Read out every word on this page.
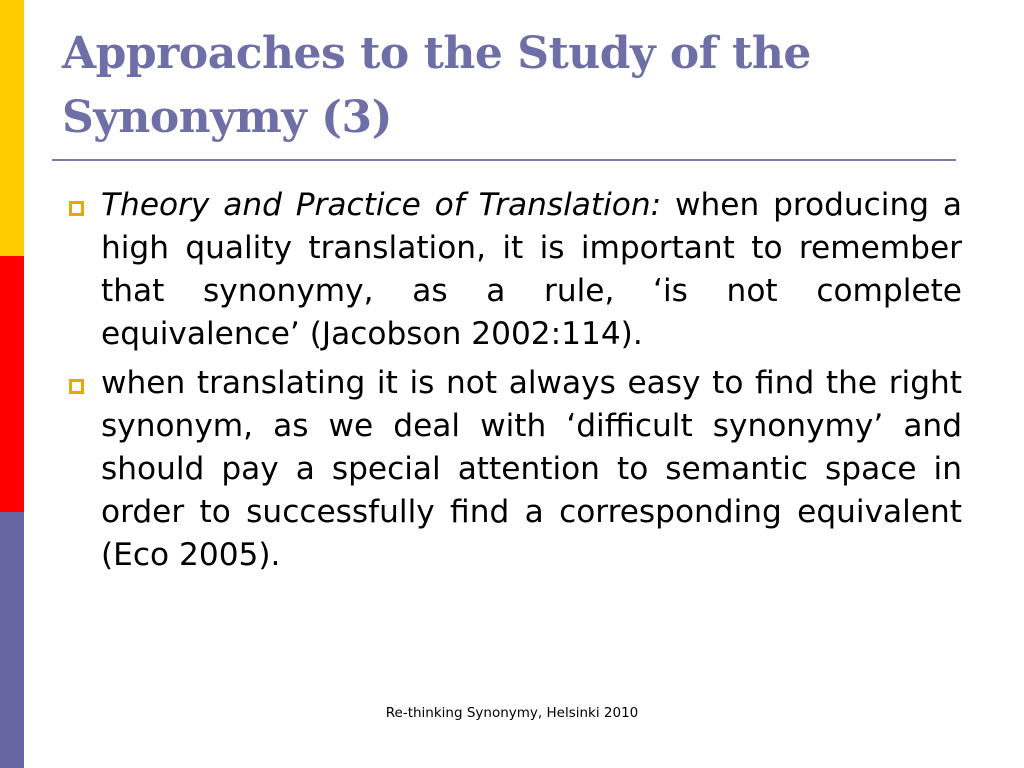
Approaches to the Study of the Synonymy (3)
Theory and Practice of Translation: when producing a high quality translation, it is important to remember that synonymy, as a rule, ‘is not complete equivalence’ (Jacobson 2002:114).
when translating it is not always easy to find the right synonym, as we deal with ‘difficult synonymy’ and should pay a special attention to semantic space in order to successfully find a corresponding equivalent (Eco 2005).
Re-thinking Synonymy, Helsinki 2010
